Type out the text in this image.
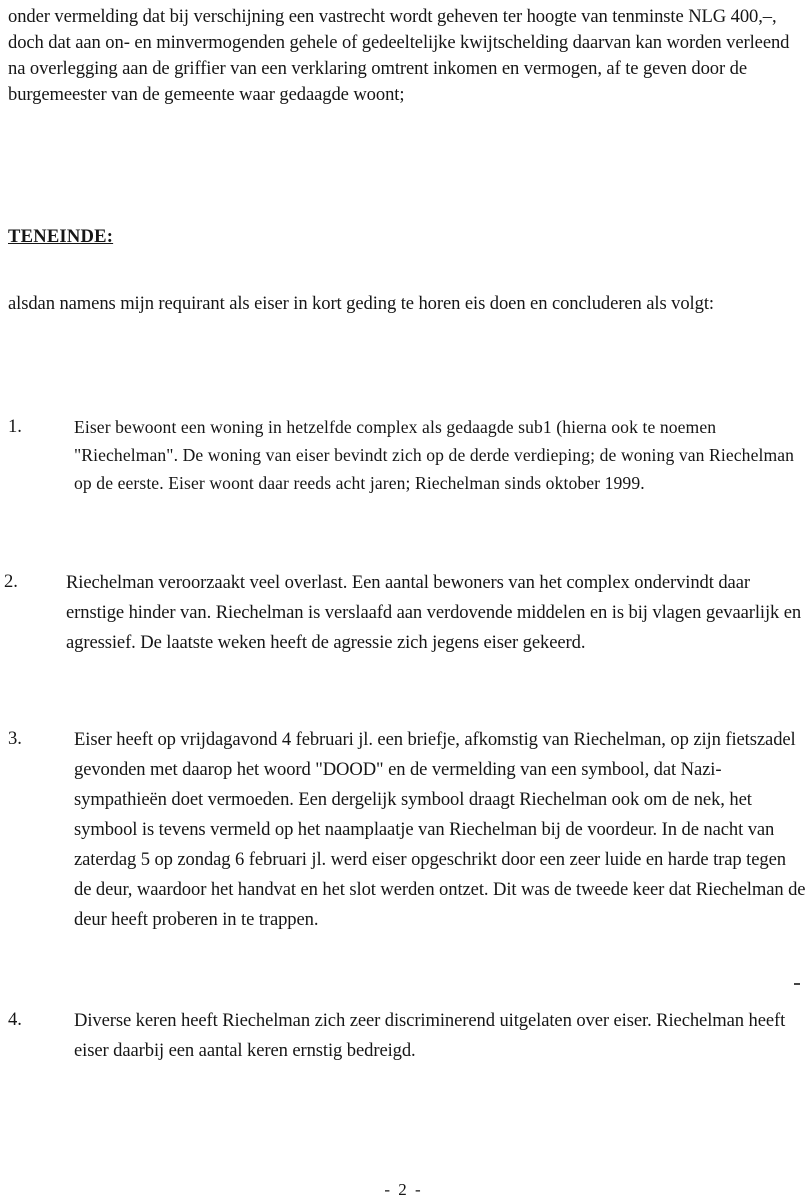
onder vermelding dat bij verschijning een vastrecht wordt geheven ter hoogte van tenminste NLG 400,–, doch dat aan on- en minvermogenden gehele of gedeeltelijke kwijtschelding daarvan kan worden verleend na overlegging aan de griffier van een verklaring omtrent inkomen en vermogen, af te geven door de burgemeester van de gemeente waar gedaagde woont;

TENEINDE:

alsdan namens mijn requirant als eiser in kort geding te horen eis doen en concluderen als volgt:

1.	Eiser bewoont een woning in hetzelfde complex als gedaagde sub1 (hierna ook te noemen "Riechelman". De woning van eiser bevindt zich op de derde verdieping; de woning van Riechelman op de eerste. Eiser woont daar reeds acht jaren; Riechelman sinds oktober 1999.
2.	Riechelman veroorzaakt veel overlast. Een aantal bewoners van het complex ondervindt daar ernstige hinder van. Riechelman is verslaafd aan verdovende middelen en is bij vlagen gevaarlijk en agressief. De laatste weken heeft de agressie zich jegens eiser gekeerd.
3.	Eiser heeft op vrijdagavond 4 februari jl. een briefje, afkomstig van Riechelman, op zijn fietszadel gevonden met daarop het woord "DOOD" en de vermelding van een symbool, dat Nazi-sympathieën doet vermoeden. Een dergelijk symbool draagt Riechelman ook om de nek, het symbool is tevens vermeld op het naamplaatje van Riechelman bij de voordeur. In de nacht van zaterdag 5 op zondag 6 februari jl. werd eiser opgeschrikt door een zeer luide en harde trap tegen de deur, waardoor het handvat en het slot werden ontzet. Dit was de tweede keer dat Riechelman de deur heeft proberen in te trappen.
4.	Diverse keren heeft Riechelman zich zeer discriminerend uitgelaten over eiser. Riechelman heeft eiser daarbij een aantal keren ernstig bedreigd.
- 2 -
